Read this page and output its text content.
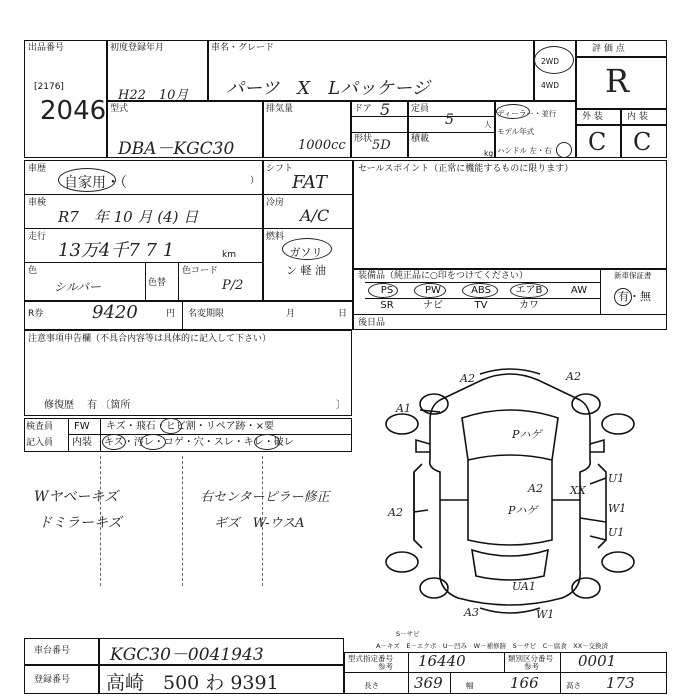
出品番号
[2176]
2046
初度登録年月
H22　10月
車名・グレード
パーツ　X　Lパッケージ
2WD
4WD
評 価 点
R
型式
DBA－KGC30
排気量
1000cc
ドア 5
形状 5D
定員
5	人
積載
kg
ディーラー・並行
モデル年式
ハンドル 左・右
外 装	内 装
C C
車歴
自家用・（	）
シフト
FAT
車検
R7　年 10 月 (4) 日
冷房
A/C
走行
13万4千7 7 1	km
燃料
ガソリン 軽 油
色
シルバー	色替
色コード
P/2
R券	9420	円 名変期限	月	日
セールスポイント（正常に機能するものに限ります）
装備品（純正品に○印をつけてください）	新車保証書
有・無
後日品
注意事項申告欄（不具合内容等は具体的に記入して下さい）
修復歴　 有 〔箇所	〕
検査員
記入員
FW キズ・飛石・ヒビ割・リペア跡・×要
内装 キズ・汚レ・コゲ・穴・スレ・キレ・破レ
Wヤベーキズ
ドミラーキズ
右センターピラー修正
ギズ　W-ウスA
A2	A2
A1
Pハゲ
A2	Pハゲ
A2 XX
U1
W1
U1
UA1
A3	W1
A－キズ　E－エクボ　U－凹み　W－補修跡　S－サビ　C－腐食　XX－交換済
S－サビ
車台番号 KGC30－0041943
登録番号 高崎　500 わ 9391
型式指定番号
参考 16440	類別区分番号
参考	0001
長さ 369	幅 166	高さ 173
PS	PW	ABS	エアB	AW
SR	ナビ	TV	カワ
